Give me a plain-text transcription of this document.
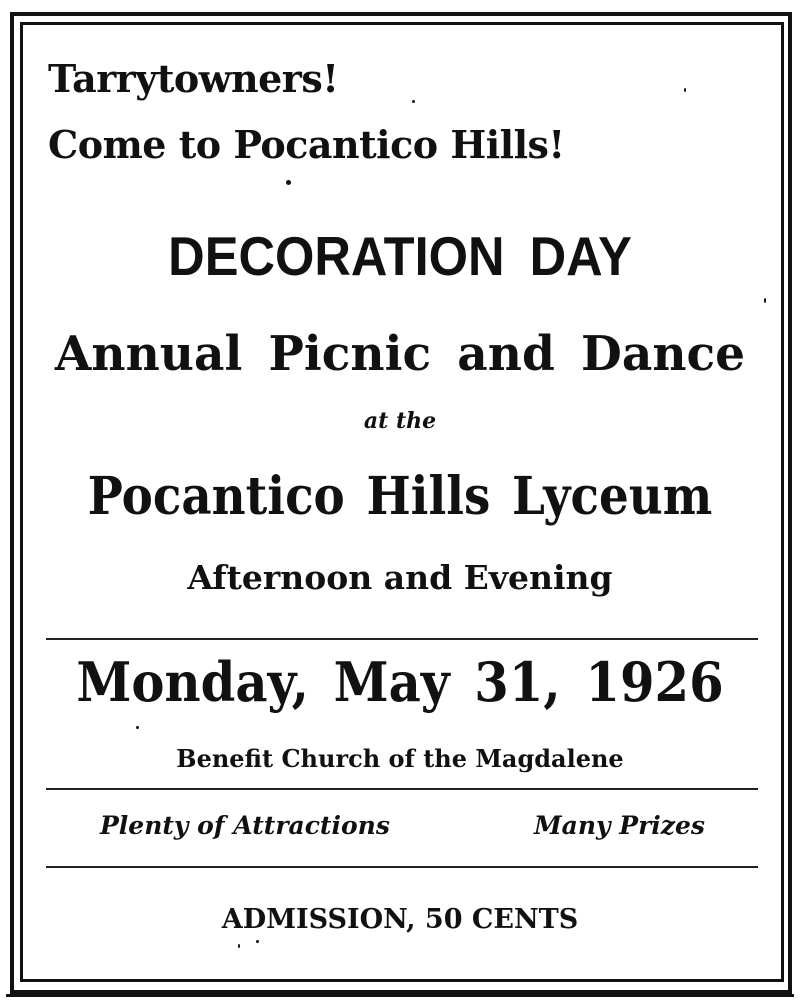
Tarrytowners!

Come to Pocantico Hills!

DECORATION DAY

Annual Picnic and Dance

at the

Pocantico Hills Lyceum

Afternoon and Evening

Monday, May 31, 1926

Benefit Church of the Magdalene

Plenty of Attractions	Many Prizes

ADMISSION, 50 CENTS
